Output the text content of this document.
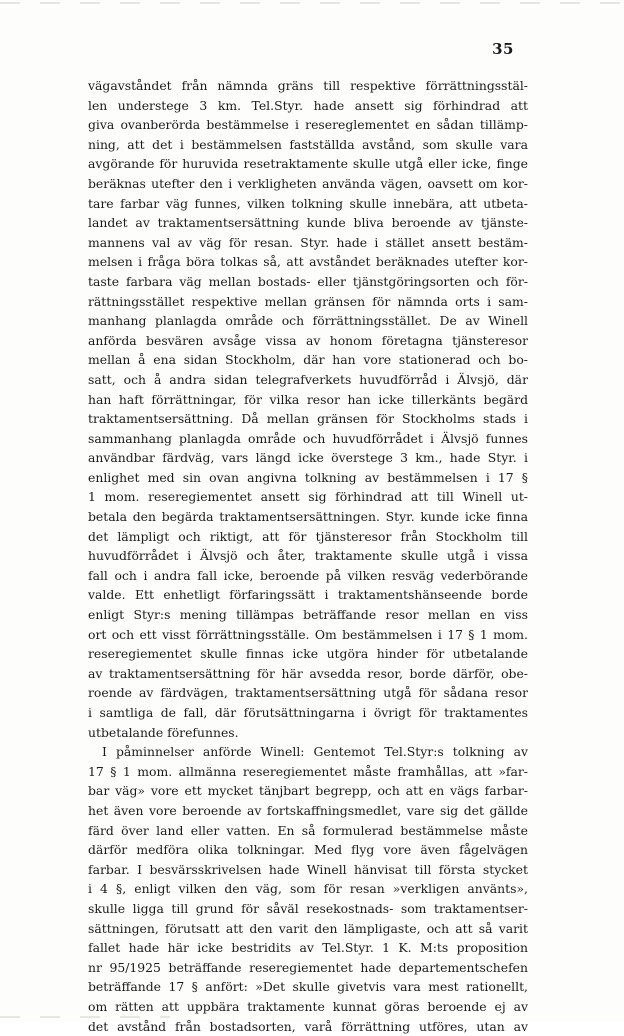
35
vägavståndet från nämnda gräns till respektive förrättningsstäl-
len understege 3 km. Tel.Styr. hade ansett sig förhindrad att
giva ovanberörda bestämmelse i resereglementet en sådan tillämp-
ning, att det i bestämmelsen fastställda avstånd, som skulle vara
avgörande för huruvida resetraktamente skulle utgå eller icke, finge
beräknas utefter den i verkligheten använda vägen, oavsett om kor-
tare farbar väg funnes, vilken tolkning skulle innebära, att utbeta-
landet av traktamentsersättning kunde bliva beroende av tjänste-
mannens val av väg för resan. Styr. hade i stället ansett bestäm-
melsen i fråga böra tolkas så, att avståndet beräknades utefter kor-
taste farbara väg mellan bostads- eller tjänstgöringsorten och för-
rättningsstället respektive mellan gränsen för nämnda orts i sam-
manhang planlagda område och förrättningsstället. De av Winell
anförda besvären avsåge vissa av honom företagna tjänsteresor
mellan å ena sidan Stockholm, där han vore stationerad och bo-
satt, och å andra sidan telegrafverkets huvudförråd i Älvsjö, där
han haft förrättningar, för vilka resor han icke tillerkänts begärd
traktamentsersättning. Då mellan gränsen för Stockholms stads i
sammanhang planlagda område och huvudförrådet i Älvsjö funnes
användbar färdväg, vars längd icke överstege 3 km., hade Styr. i
enlighet med sin ovan angivna tolkning av bestämmelsen i 17 §
1 mom. reseregiementet ansett sig förhindrad att till Winell ut-
betala den begärda traktamentsersättningen. Styr. kunde icke finna
det lämpligt och riktigt, att för tjänsteresor från Stockholm till
huvudförrådet i Älvsjö och åter, traktamente skulle utgå i vissa
fall och i andra fall icke, beroende på vilken resväg vederbörande
valde. Ett enhetligt förfaringssätt i traktamentshänseende borde
enligt Styr:s mening tillämpas beträffande resor mellan en viss
ort och ett visst förrättningsställe. Om bestämmelsen i 17 § 1 mom.
reseregiementet skulle finnas icke utgöra hinder för utbetalande
av traktamentsersättning för här avsedda resor, borde därför, obe-
roende av färdvägen, traktamentsersättning utgå för sådana resor
i samtliga de fall, där förutsättningarna i övrigt för traktamentes
utbetalande förefunnes.
I påminnelser anförde Winell: Gentemot Tel.Styr:s tolkning av
17 § 1 mom. allmänna reseregiementet måste framhållas, att »far-
bar väg» vore ett mycket tänjbart begrepp, och att en vägs farbar-
het även vore beroende av fortskaffningsmedlet, vare sig det gällde
färd över land eller vatten. En så formulerad bestämmelse måste
därför medföra olika tolkningar. Med flyg vore även fågelvägen
farbar. I besvärsskrivelsen hade Winell hänvisat till första stycket
i 4 §, enligt vilken den väg, som för resan »verkligen använts»,
skulle ligga till grund för såväl resekostnads- som traktamentser-
sättningen, förutsatt att den varit den lämpligaste, och att så varit
fallet hade här icke bestridits av Tel.Styr. 1 K. M:ts proposition
nr 95/1925 beträffande reseregiementet hade departementschefen
beträffande 17 § anfört: »Det skulle givetvis vara mest rationellt,
om rätten att uppbära traktamente kunnat göras beroende ej av
det avstånd från bostadsorten, varå förrättning utföres, utan av
